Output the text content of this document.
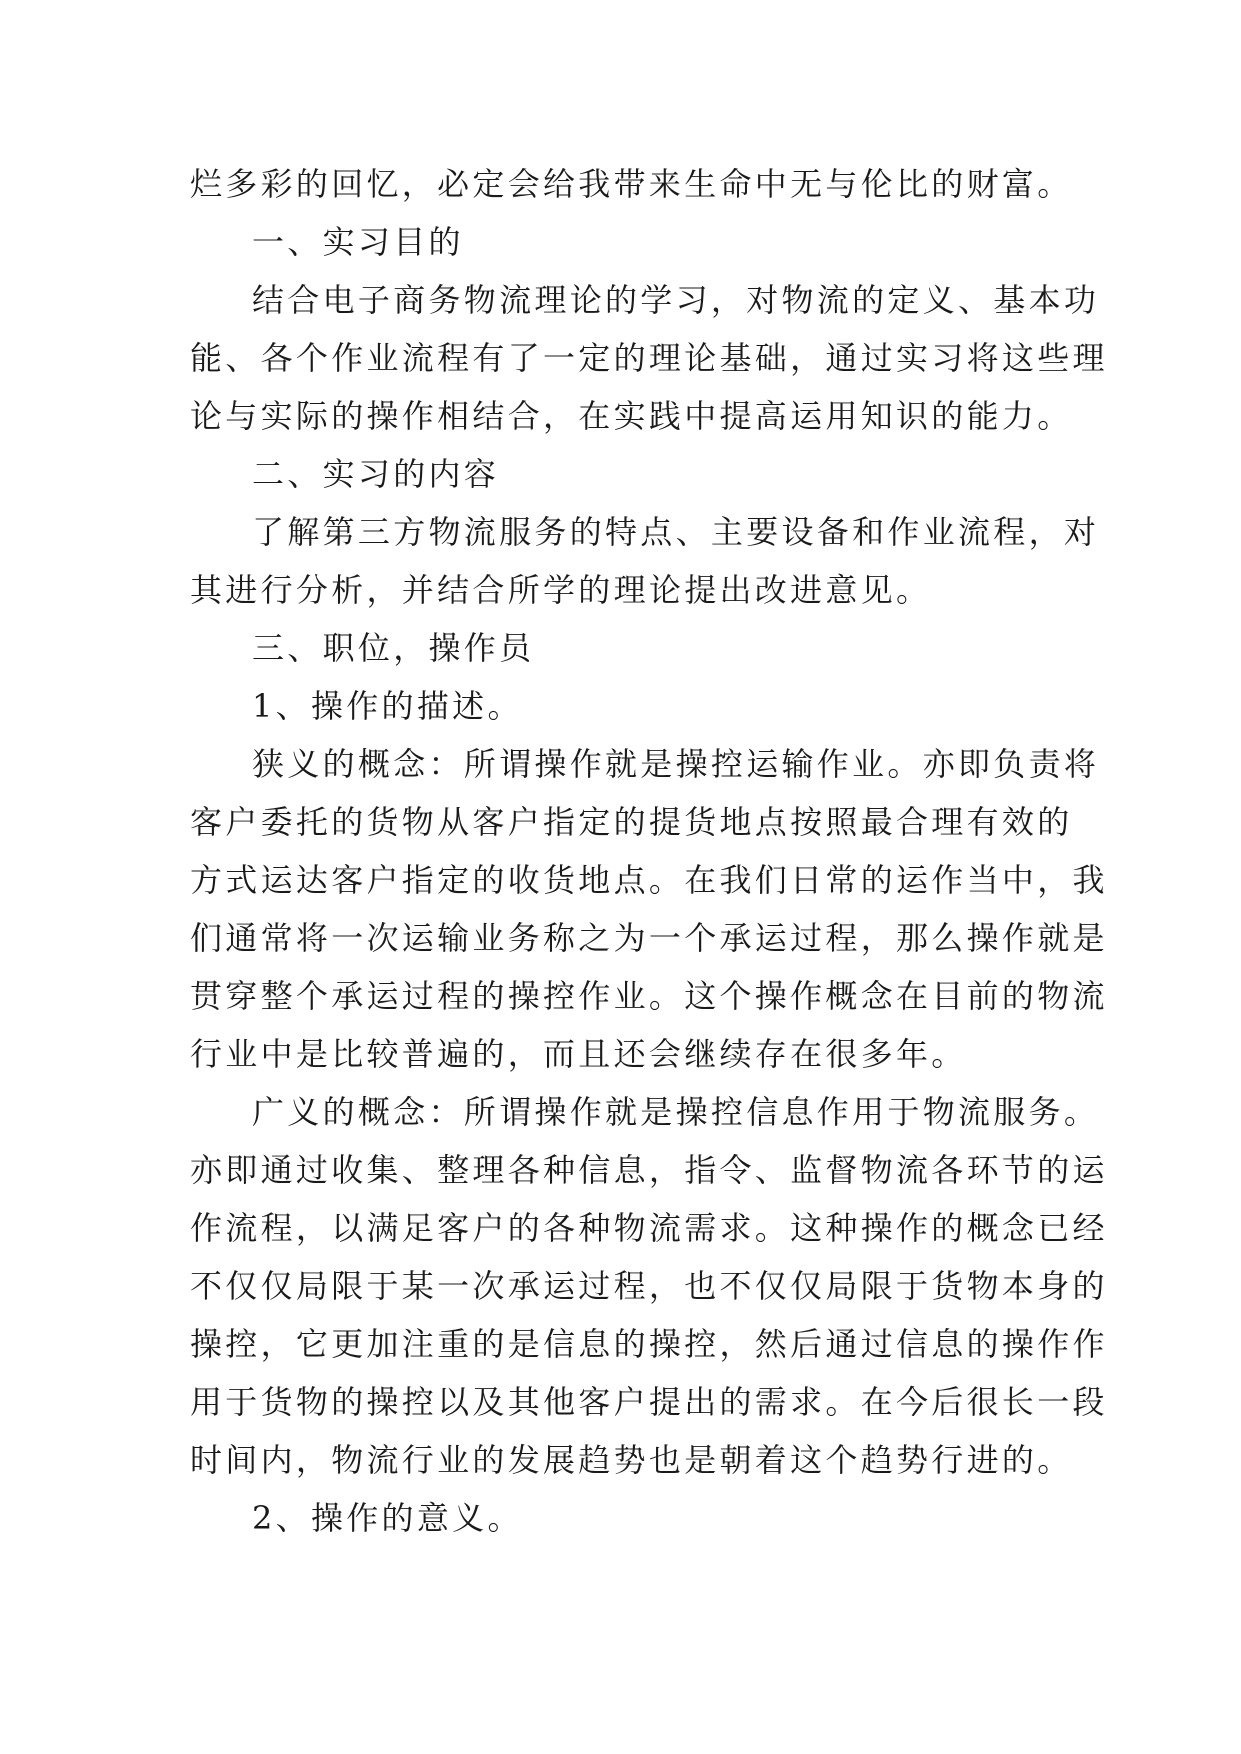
烂多彩的回忆，必定会给我带来生命中无与伦比的财富。

一、实习目的

结合电子商务物流理论的学习，对物流的定义、基本功

能、各个作业流程有了一定的理论基础，通过实习将这些理

论与实际的操作相结合，在实践中提高运用知识的能力。

二、实习的内容

了解第三方物流服务的特点、主要设备和作业流程，对

其进行分析，并结合所学的理论提出改进意见。

三、职位，操作员

1、操作的描述。

狭义的概念：所谓操作就是操控运输作业。亦即负责将

客户委托的货物从客户指定的提货地点按照最合理有效的

方式运达客户指定的收货地点。在我们日常的运作当中，我

们通常将一次运输业务称之为一个承运过程，那么操作就是

贯穿整个承运过程的操控作业。这个操作概念在目前的物流

行业中是比较普遍的，而且还会继续存在很多年。

广义的概念：所谓操作就是操控信息作用于物流服务。

亦即通过收集、整理各种信息，指令、监督物流各环节的运

作流程，以满足客户的各种物流需求。这种操作的概念已经

不仅仅局限于某一次承运过程，也不仅仅局限于货物本身的

操控，它更加注重的是信息的操控，然后通过信息的操作作

用于货物的操控以及其他客户提出的需求。在今后很长一段

时间内，物流行业的发展趋势也是朝着这个趋势行进的。

2、操作的意义。
